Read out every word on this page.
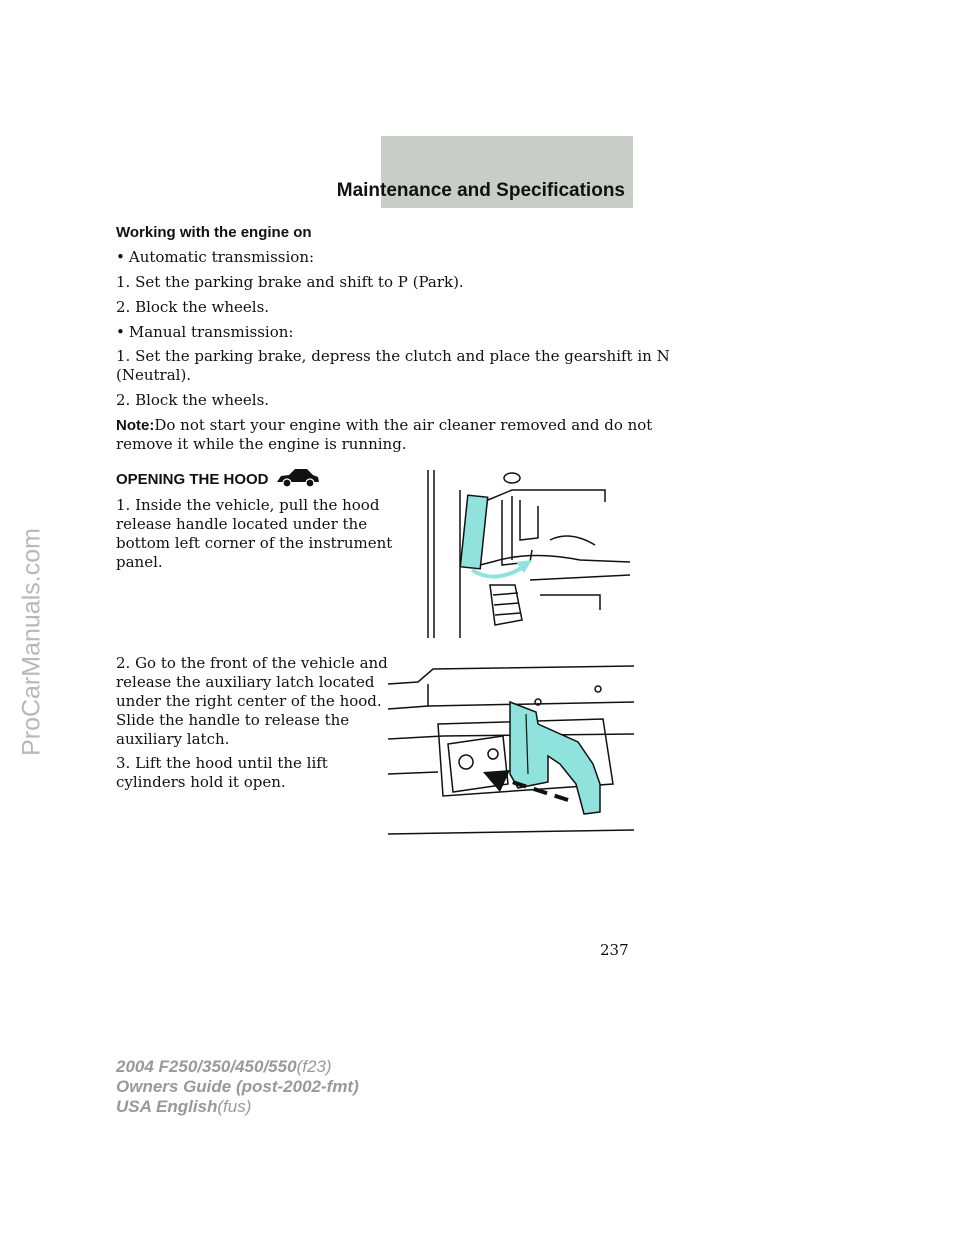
ProCarManuals.com
Maintenance and Specifications
Working with the engine on
• Automatic transmission:
1. Set the parking brake and shift to P (Park).
2. Block the wheels.
• Manual transmission:
1. Set the parking brake, depress the clutch and place the gearshift in N
(Neutral).
2. Block the wheels.
Note:Do not start your engine with the air cleaner removed and do not
remove it while the engine is running.
OPENING THE HOOD
1. Inside the vehicle, pull the hood
release handle located under the
bottom left corner of the instrument
panel.
2. Go to the front of the vehicle and
release the auxiliary latch located
under the right center of the hood.
Slide the handle to release the
auxiliary latch.
3. Lift the hood until the lift
cylinders hold it open.
237
2004 F250/350/450/550(f23)
Owners Guide (post-2002-fmt)
USA English(fus)
